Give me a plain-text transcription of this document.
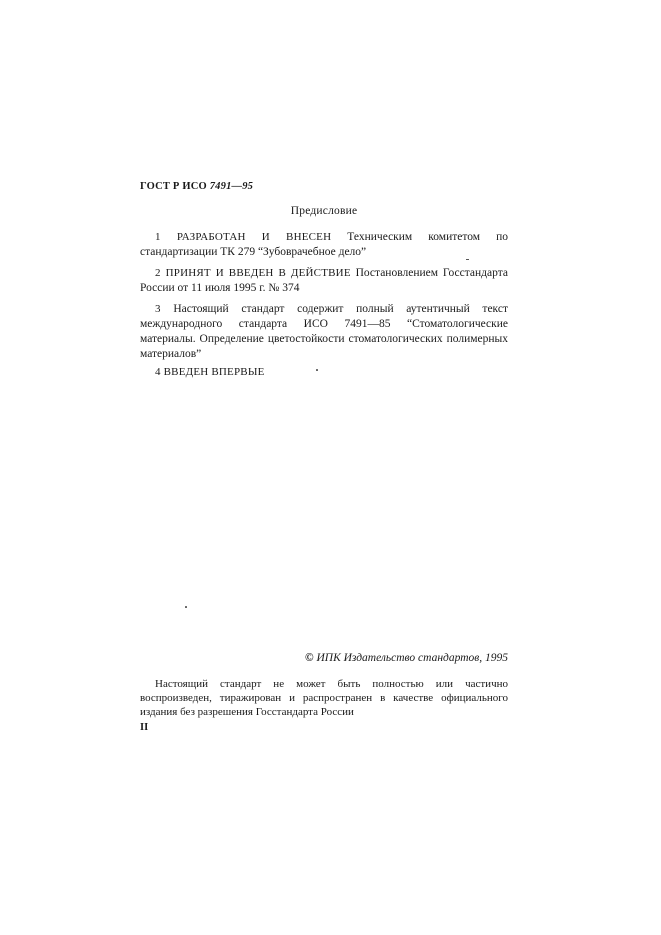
ГОСТ Р ИСО 7491—95
Предисловие
1 РАЗРАБОТАН И ВНЕСЕН Техническим комитетом по стандартизации ТК 279 “Зубоврачебное дело”
2 ПРИНЯТ И ВВЕДЕН В ДЕЙСТВИЕ Постановлением Госстандарта России от 11 июля 1995 г. № 374
3 Настоящий стандарт содержит полный аутентичный текст международного стандарта ИСО 7491—85 “Стоматологические материалы. Определение цветостойкости стоматологических полимерных материалов”
4 ВВЕДЕН ВПЕРВЫЕ
© ИПК Издательство стандартов, 1995
Настоящий стандарт не может быть полностью или частично воспроизведен, тиражирован и распространен в качестве официального издания без разрешения Госстандарта России
II
